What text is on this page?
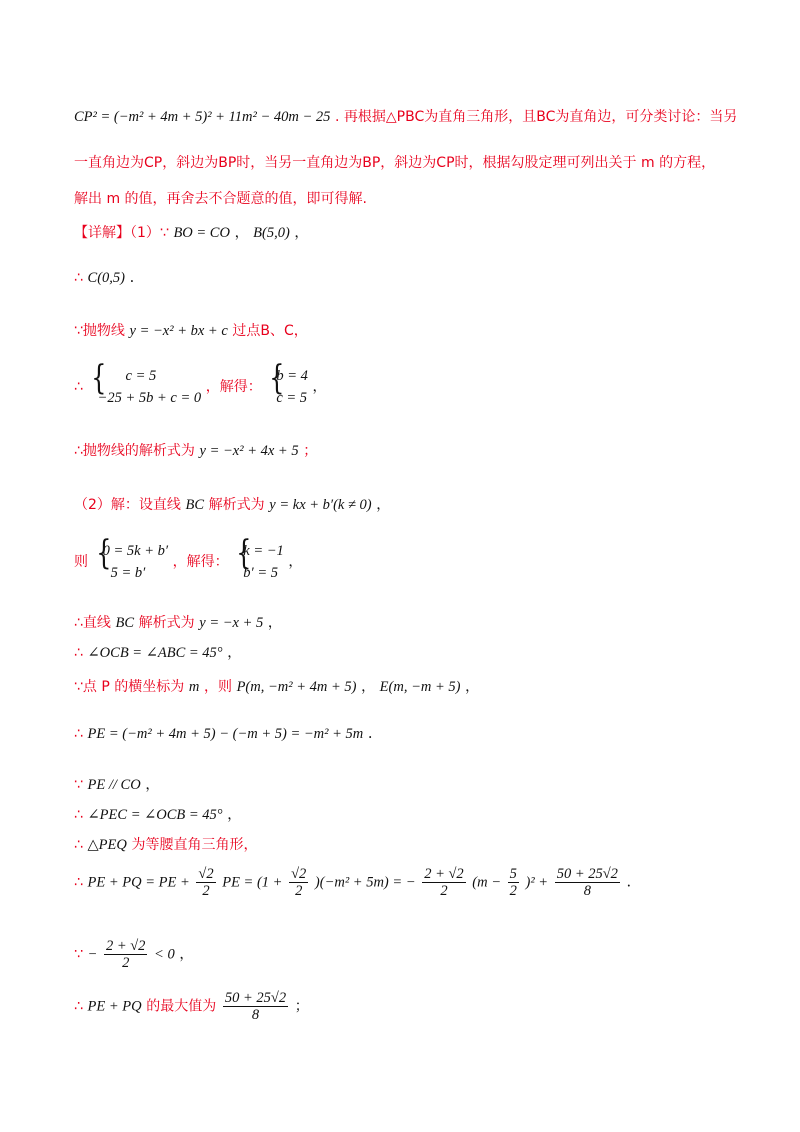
CP² = (−m² + 4m + 5)² + 11m² − 40m − 25 . 再根据△PBC为直角三角形，且BC为直角边，可分类讨论：当另
一直角边为CP，斜边为BP时，当另一直角边为BP，斜边为CP时，根据勾股定理可列出关于 m 的方程，
解出 m 的值，再舍去不合题意的值，即可得解.
【详解】（1）∵ BO = CO ， B(5,0) ，
∴ C(0,5) .
∵抛物线 y = −x² + bx + c 过点B、C，
∴ {	c = 5
−25 + 5b + c = 0
，解得： {
b = 4
c = 5
，
∴抛物线的解析式为 y = −x² + 4x + 5 ；
（2）解：设直线 BC 解析式为 y = kx + b′(k ≠ 0) ，
则 {
0 = 5k + b′
5 = b′
，解得： {
k = −1
b′ = 5
，
∴直线 BC 解析式为 y = −x + 5 ，
∴ ∠OCB = ∠ABC = 45° ，
∵点 P 的横坐标为 m ，则 P(m, −m² + 4m + 5) ， E(m, −m + 5) ，
∴ PE = (−m² + 4m + 5) − (−m + 5) = −m² + 5m .
∵ PE // CO ，
∴ ∠PEC = ∠OCB = 45° ，
∴ △PEQ 为等腰直角三角形，
∴ PE + PQ = PE + $\frac{√2}{2}$ PE = $(1 + \frac{√2}{2} )(-m^2 + 5m)$ = − $\frac{2 + √2}{2} (m - \frac{5}{2} )^2 + \frac{50 + 25√2}{8}$ .
∵ − $\frac{2 + √2}{2} < 0$ ，
∴ PE + PQ 的最大值为 $\frac{50 + 25√2}{8}$ ；
